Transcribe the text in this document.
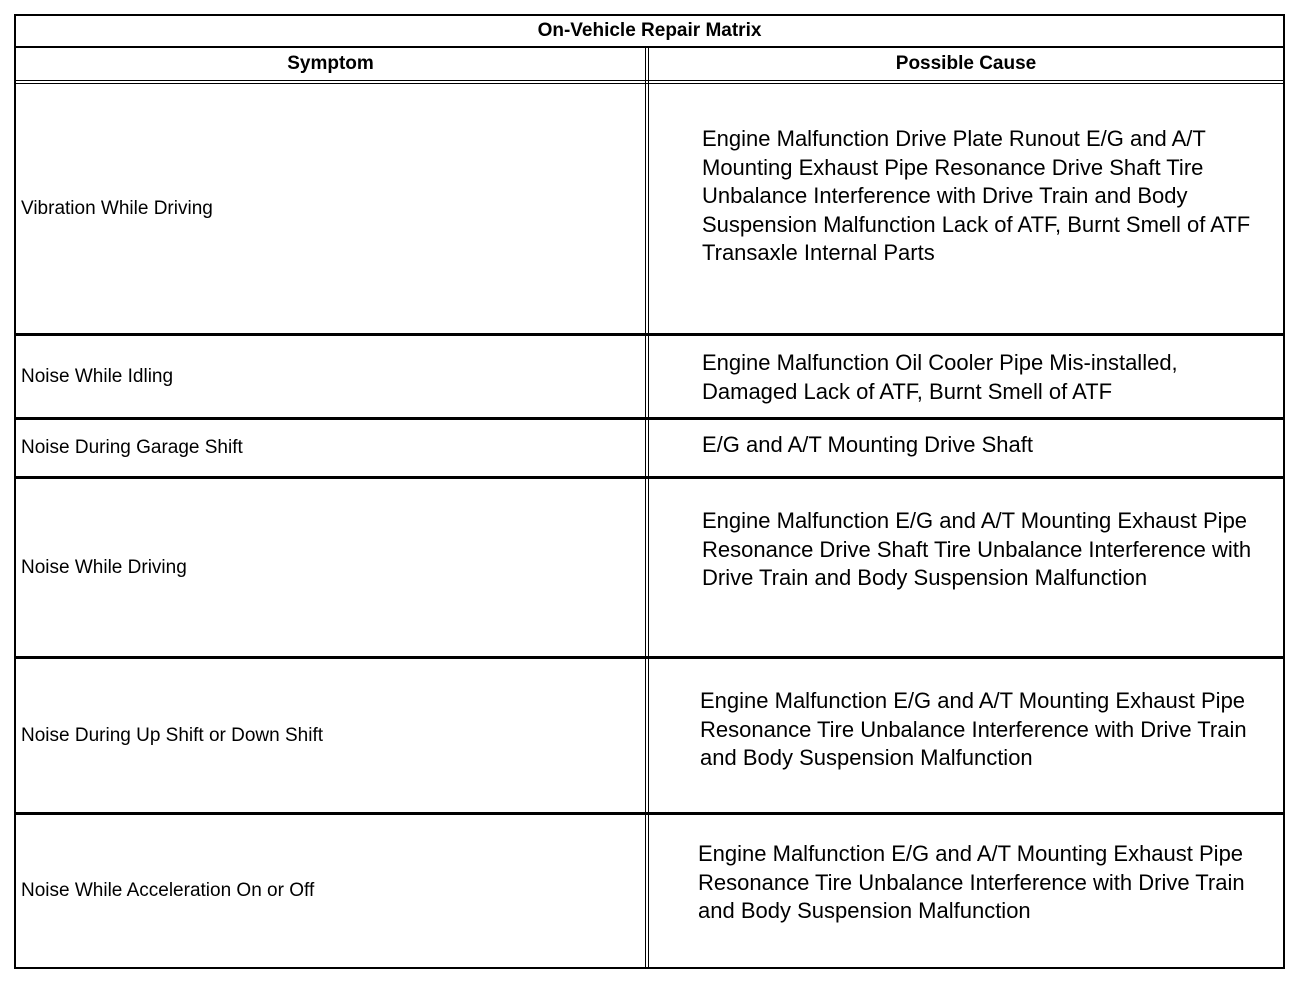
On-Vehicle Repair Matrix
Symptom	Possible Cause
Vibration While Driving
Engine Malfunction Drive Plate Runout E/G and A/T Mounting Exhaust Pipe Resonance Drive Shaft Tire Unbalance Interference with Drive Train and Body Suspension Malfunction Lack of ATF, Burnt Smell of ATF Transaxle Internal Parts
Noise While Idling
Engine Malfunction Oil Cooler Pipe Mis-installed, Damaged Lack of ATF, Burnt Smell of ATF
Noise During Garage Shift	E/G and A/T Mounting Drive Shaft
Noise While Driving
Engine Malfunction E/G and A/T Mounting Exhaust Pipe Resonance Drive Shaft Tire Unbalance Interference with Drive Train and Body Suspension Malfunction
Noise During Up Shift or Down Shift
Engine Malfunction E/G and A/T Mounting Exhaust Pipe Resonance Tire Unbalance Interference with Drive Train and Body Suspension Malfunction
Noise While Acceleration On or Off
Engine Malfunction E/G and A/T Mounting Exhaust Pipe Resonance Tire Unbalance Interference with Drive Train and Body Suspension Malfunction
